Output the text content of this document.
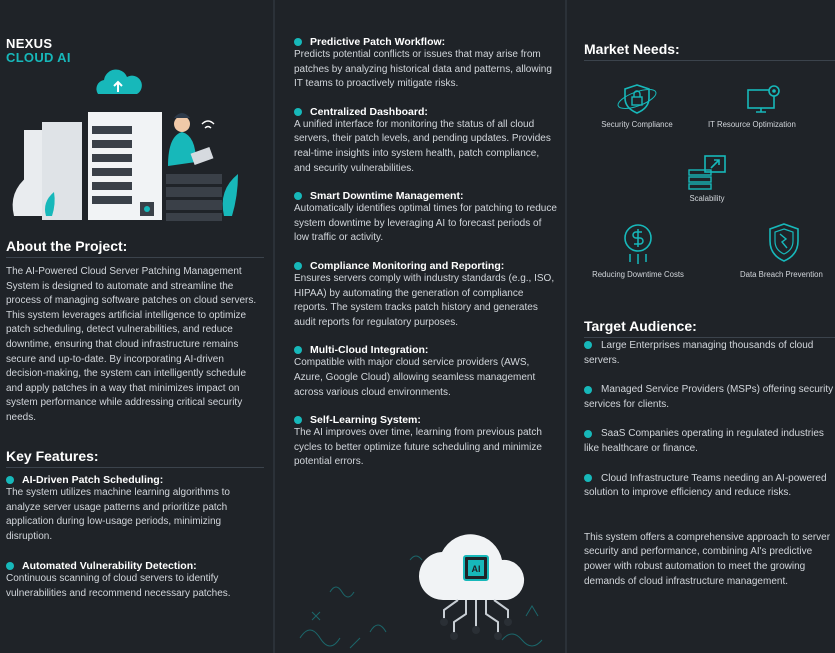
NEXUS
CLOUD AI
About the Project:
The AI-Powered Cloud Server Patching Management System is designed to automate and streamline the process of managing software patches on cloud servers. This system leverages artificial intelligence to optimize patch scheduling, detect vulnerabilities, and reduce downtime, ensuring that cloud infrastructure remains secure and up-to-date. By incorporating AI-driven decision-making, the system can intelligently schedule and apply patches in a way that minimizes impact on system performance while addressing critical security needs.
Key Features:
AI-Driven Patch Scheduling:
The system utilizes machine learning algorithms to analyze server usage patterns and prioritize patch application during low-usage periods, minimizing disruption.
Automated Vulnerability Detection:
Continuous scanning of cloud servers to identify vulnerabilities and recommend necessary patches.
Predictive Patch Workflow:
Predicts potential conflicts or issues that may arise from patches by analyzing historical data and patterns, allowing IT teams to proactively mitigate risks.
Centralized Dashboard:
A unified interface for monitoring the status of all cloud servers, their patch levels, and pending updates. Provides real-time insights into system health, patch compliance, and security vulnerabilities.
Smart Downtime Management:
Automatically identifies optimal times for patching to reduce system downtime by leveraging AI to forecast periods of low traffic or activity.
Compliance Monitoring and Reporting:
Ensures servers comply with industry standards (e.g., ISO, HIPAA) by automating the generation of compliance reports. The system tracks patch history and generates audit reports for regulatory purposes.
Multi-Cloud Integration:
Compatible with major cloud service providers (AWS, Azure, Google Cloud) allowing seamless management across various cloud environments.
Self-Learning System:
The AI improves over time, learning from previous patch cycles to better optimize future scheduling and minimize potential errors.
AI
Market Needs:
Security Compliance	IT Resource Optimization
Scalability
Reducing Downtime Costs	Data Breach Prevention
Target Audience:
Large Enterprises managing thousands of cloud servers.
Managed Service Providers (MSPs) offering security services for clients.
SaaS Companies operating in regulated industries like healthcare or finance.
Cloud Infrastructure Teams needing an AI-powered solution to improve efficiency and reduce risks.
This system offers a comprehensive approach to server security and performance, combining AI's predictive power with robust automation to meet the growing demands of cloud infrastructure management.
